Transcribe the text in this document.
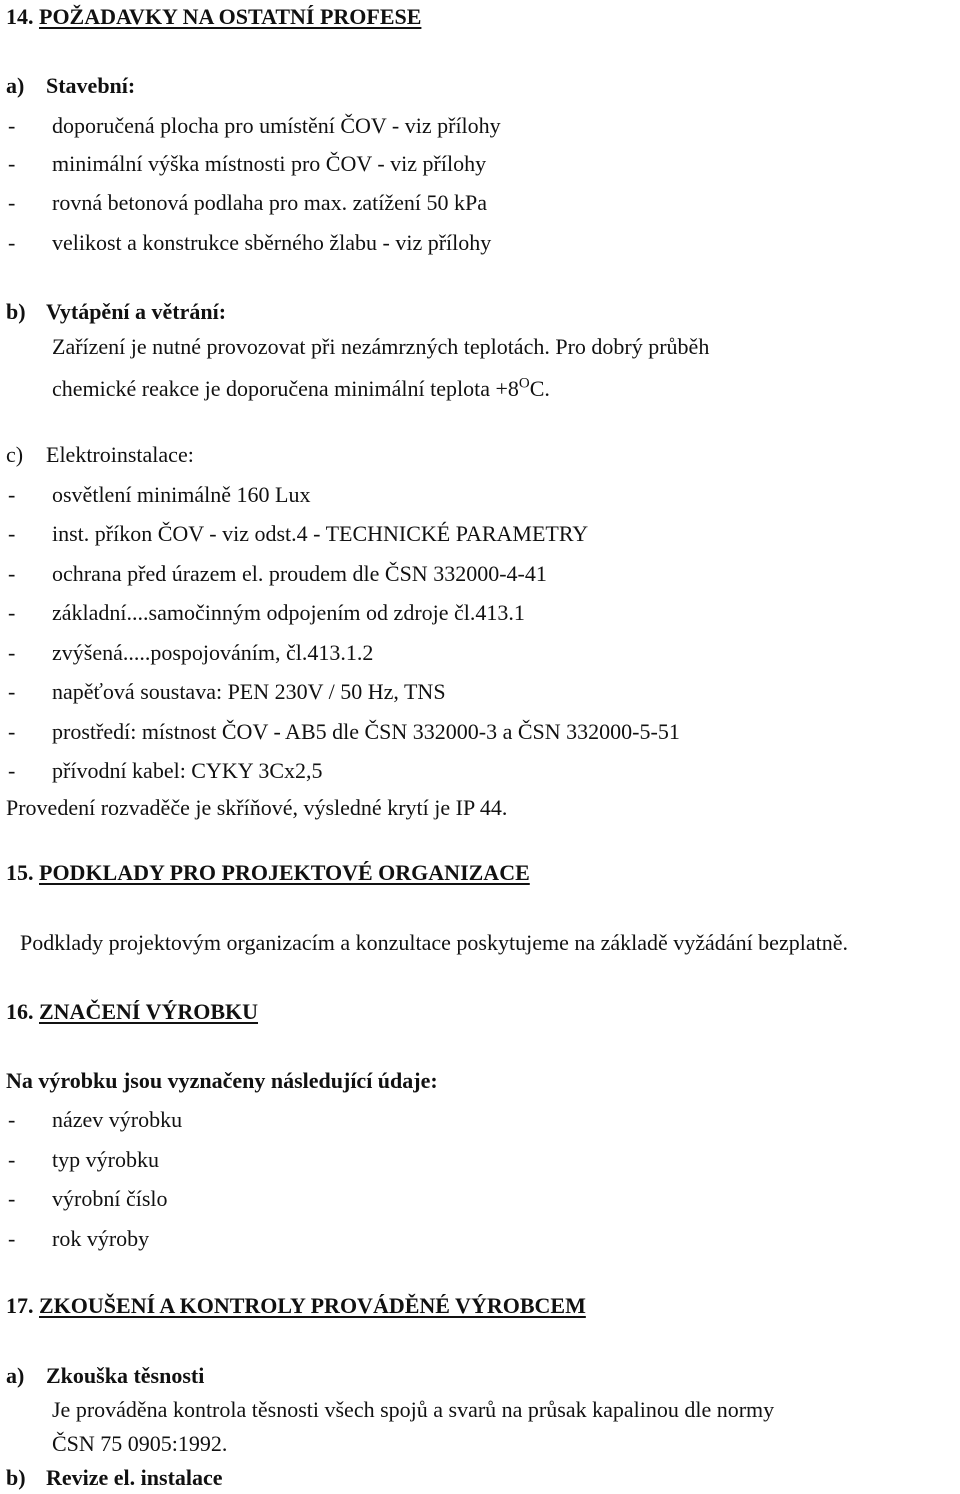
14. POŽADAVKY NA OSTATNÍ PROFESE
a) Stavební:
- doporučená plocha pro umístění ČOV - viz přílohy
- minimální výška místnosti pro ČOV - viz přílohy
- rovná betonová podlaha pro max. zatížení 50 kPa
- velikost a konstrukce sběrného žlabu - viz přílohy
b) Vytápění a větrání:
Zařízení je nutné provozovat při nezámrzných teplotách. Pro dobrý průběh
chemické reakce je doporučena minimální teplota $+8^OC$.
c) Elektroinstalace:
- osvětlení minimálně 160 Lux
- inst. příkon ČOV - viz odst.4 - TECHNICKÉ PARAMETRY
- ochrana před úrazem el. proudem dle ČSN 332000-4-41
- základní....samočinným odpojením od zdroje čl.413.1
- zvýšená.....pospojováním, čl.413.1.2
- napěťová soustava: PEN 230V / 50 Hz, TNS
- prostředí: místnost ČOV - AB5 dle ČSN 332000-3 a ČSN 332000-5-51
- přívodní kabel: CYKY 3Cx2,5
Provedení rozvaděče je skříňové, výsledné krytí je IP 44.
15. PODKLADY PRO PROJEKTOVÉ ORGANIZACE
Podklady projektovým organizacím a konzultace poskytujeme na základě vyžádání bezplatně.
16. ZNAČENÍ VÝROBKU
Na výrobku jsou vyznačeny následující údaje:
- název výrobku
- typ výrobku
- výrobní číslo
- rok výroby
17. ZKOUŠENÍ A KONTROLY PROVÁDĚNÉ VÝROBCEM
a) Zkouška těsnosti
Je prováděna kontrola těsnosti všech spojů a svarů na průsak kapalinou dle normy
ČSN 75 0905:1992.
b) Revize el. instalace
